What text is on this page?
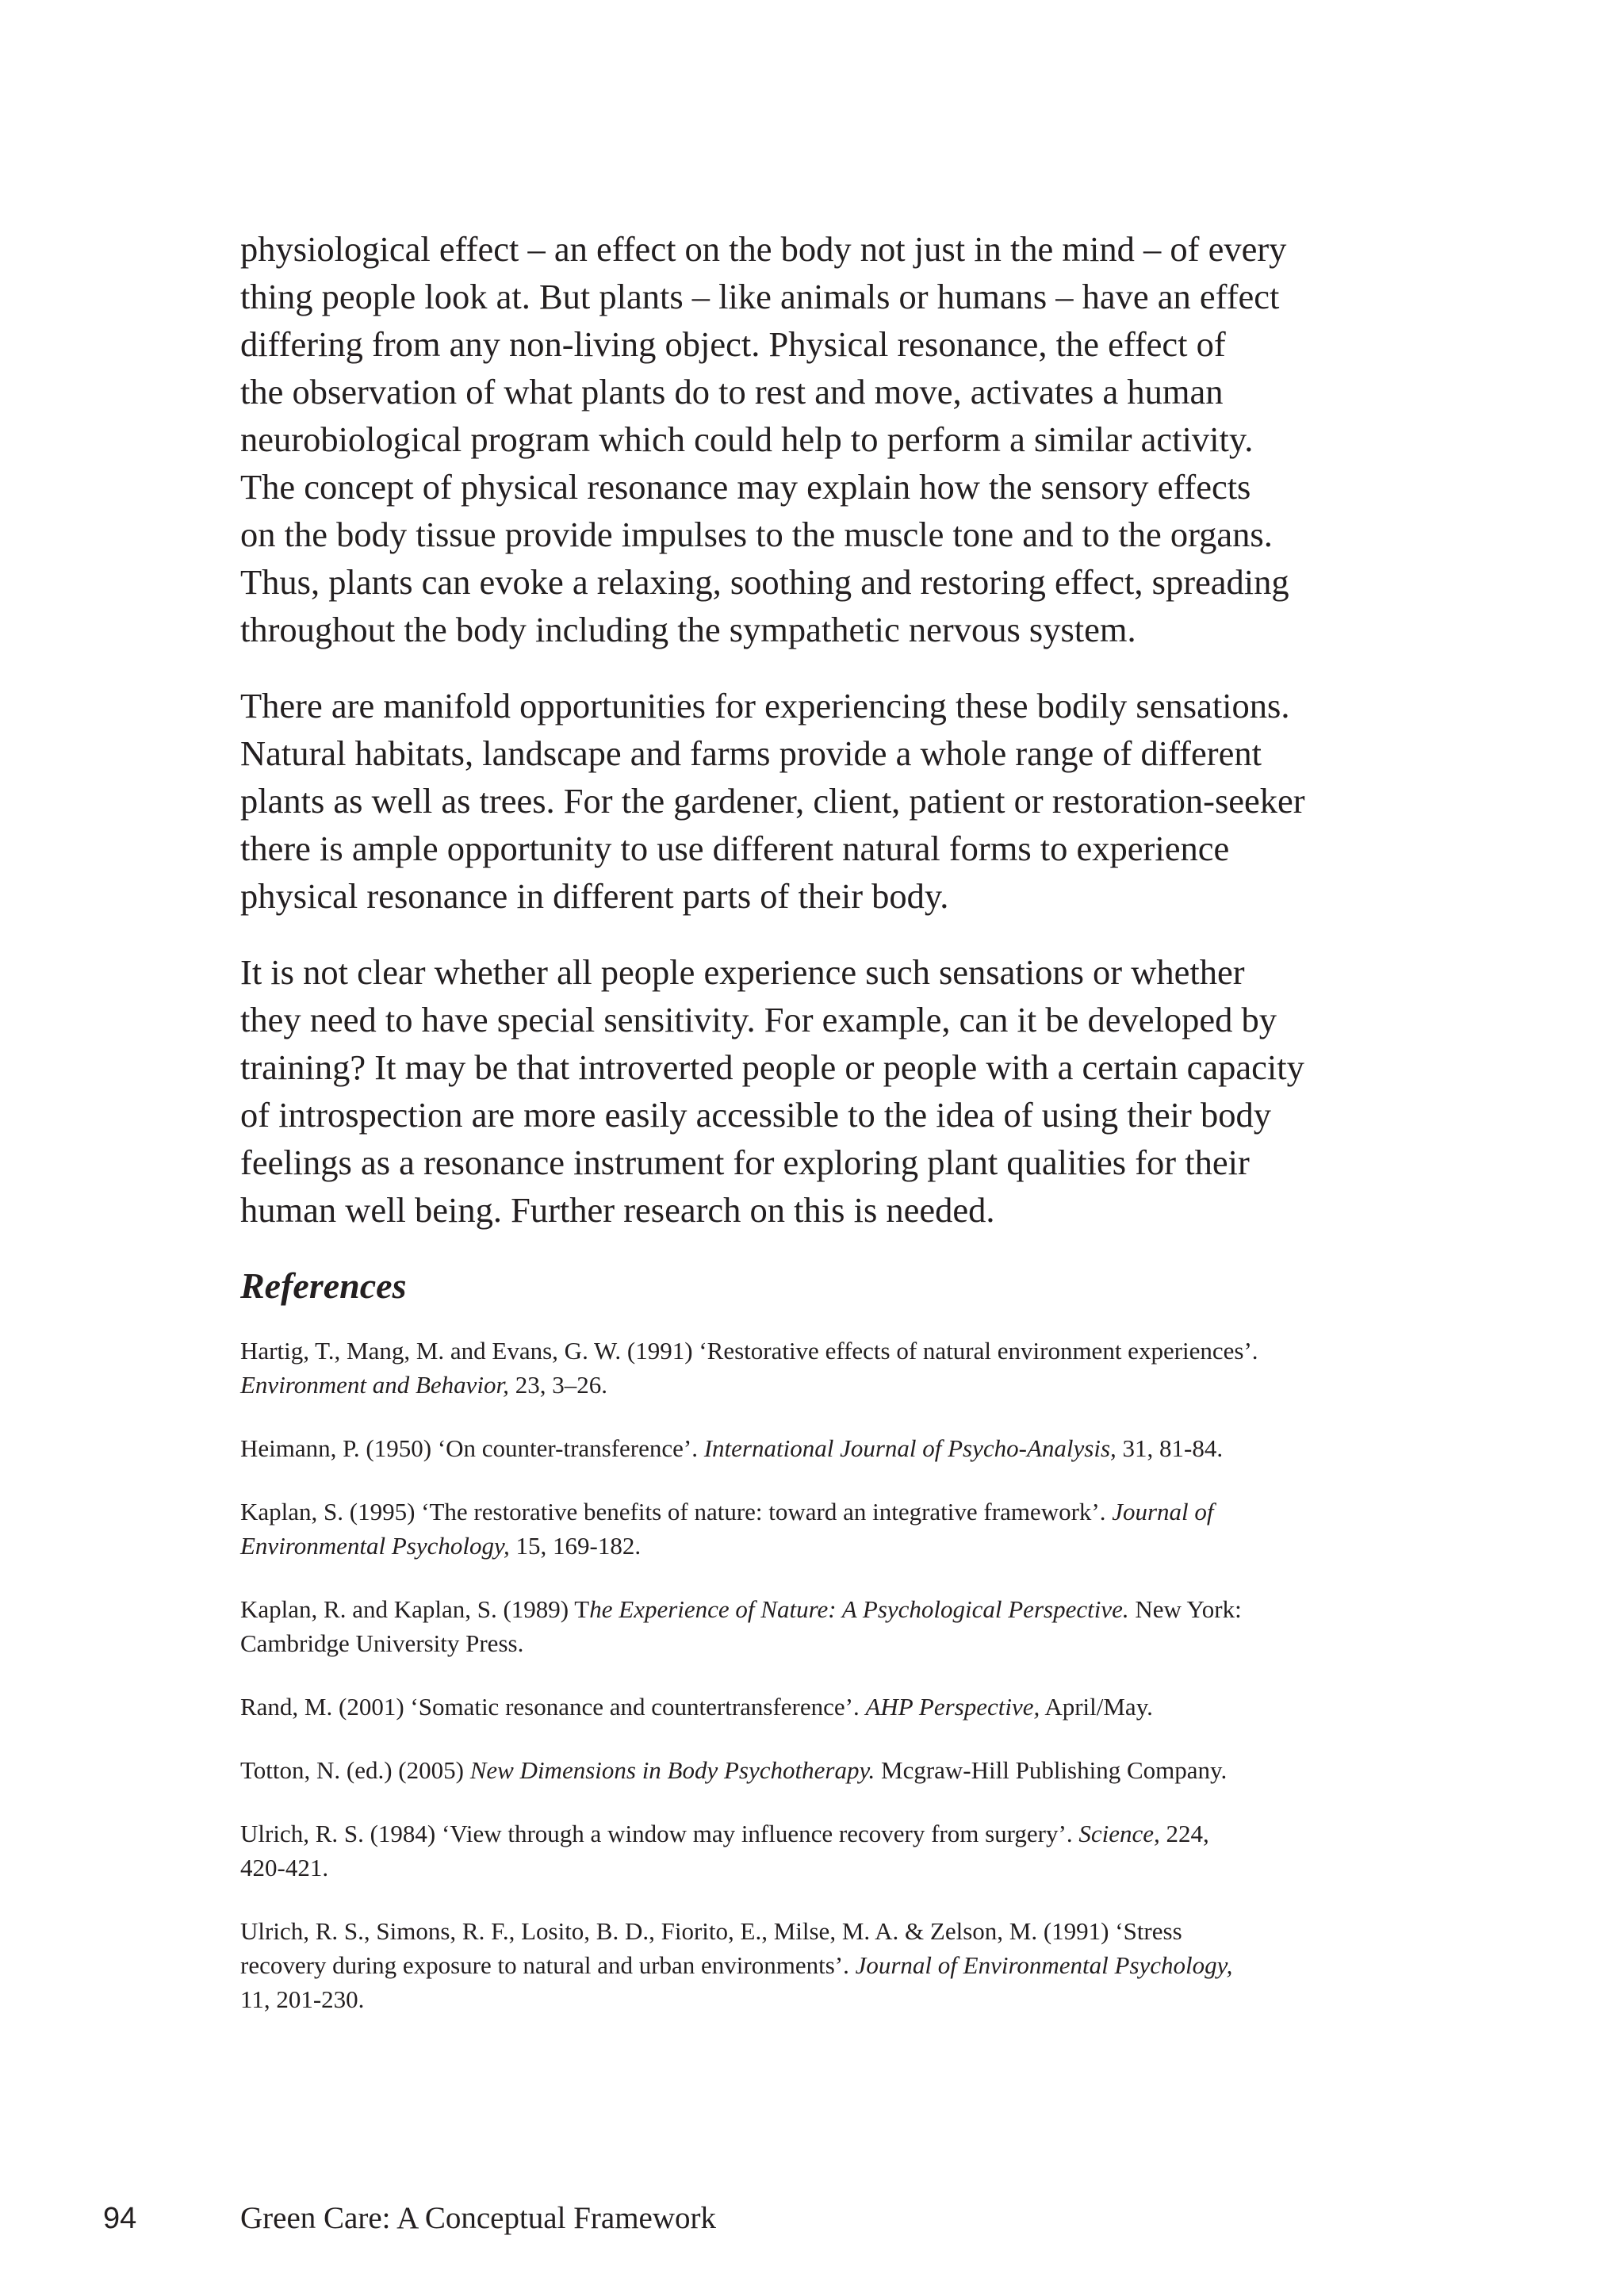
physiological effect – an effect on the body not just in the mind – of every
thing people look at. But plants – like animals or humans – have an effect
differing from any non-living object. Physical resonance, the effect of
the observation of what plants do to rest and move, activates a human
neurobiological program which could help to perform a similar activity.
The concept of physical resonance may explain how the sensory effects
on the body tissue provide impulses to the muscle tone and to the organs.
Thus, plants can evoke a relaxing, soothing and restoring effect, spreading
throughout the body including the sympathetic nervous system.

There are manifold opportunities for experiencing these bodily sensations.
Natural habitats, landscape and farms provide a whole range of different
plants as well as trees. For the gardener, client, patient or restoration-seeker
there is ample opportunity to use different natural forms to experience
physical resonance in different parts of their body.

It is not clear whether all people experience such sensations or whether
they need to have special sensitivity. For example, can it be developed by
training? It may be that introverted people or people with a certain capacity
of introspection are more easily accessible to the idea of using their body
feelings as a resonance instrument for exploring plant qualities for their
human well being. Further research on this is needed.

References
Hartig, T., Mang, M. and Evans, G. W. (1991) ‘Restorative effects of natural environment experiences’.
Environment and Behavior, 23, 3–26.
Heimann, P. (1950) ‘On counter-transference’. International Journal of Psycho-Analysis, 31, 81-84.
Kaplan, S. (1995) ‘The restorative benefits of nature: toward an integrative framework’. Journal of
Environmental Psychology, 15, 169-182.
Kaplan, R. and Kaplan, S. (1989) The Experience of Nature: A Psychological Perspective. New York:
Cambridge University Press.
Rand, M. (2001) ‘Somatic resonance and countertransference’. AHP Perspective, April/May.
Totton, N. (ed.) (2005) New Dimensions in Body Psychotherapy. Mcgraw-Hill Publishing Company.
Ulrich, R. S. (1984) ‘View through a window may influence recovery from surgery’. Science, 224,
420-421.
Ulrich, R. S., Simons, R. F., Losito, B. D., Fiorito, E., Milse, M. A. & Zelson, M. (1991) ‘Stress
recovery during exposure to natural and urban environments’. Journal of Environmental Psychology,
11, 201-230.
94	Green Care: A Conceptual Framework
